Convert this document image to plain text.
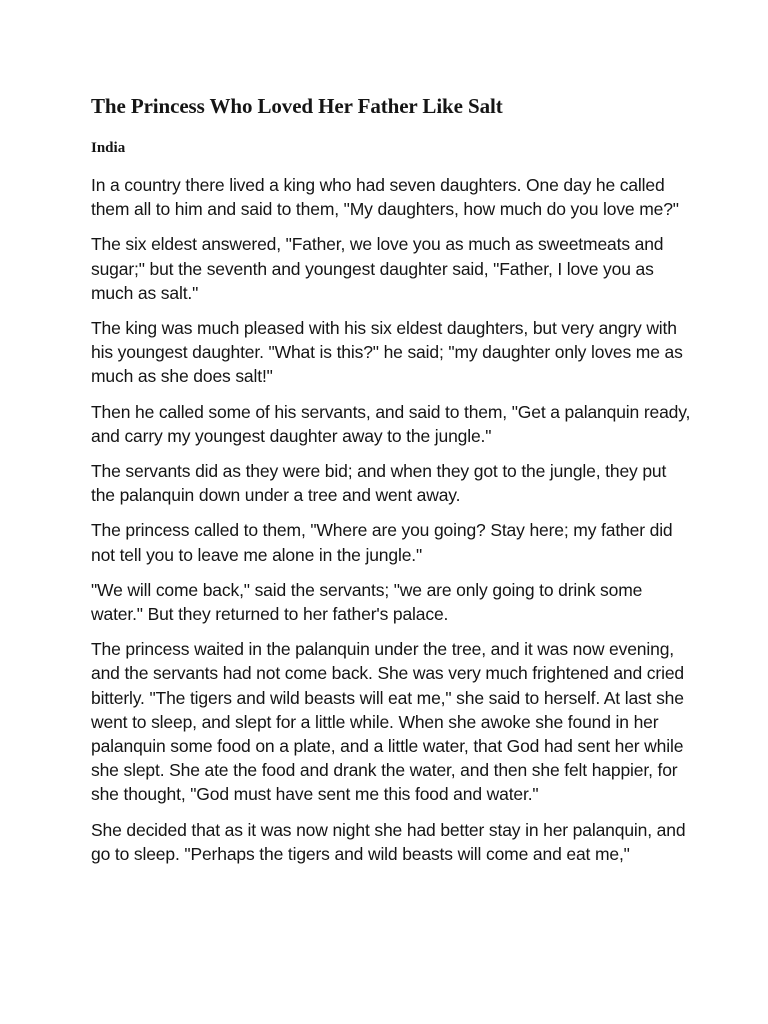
The Princess Who Loved Her Father Like Salt
India

In a country there lived a king who had seven daughters. One day he called them all to him and said to them, "My daughters, how much do you love me?"

The six eldest answered, "Father, we love you as much as sweetmeats and sugar;" but the seventh and youngest daughter said, "Father, I love you as much as salt."

The king was much pleased with his six eldest daughters, but very angry with his youngest daughter. "What is this?" he said; "my daughter only loves me as much as she does salt!"

Then he called some of his servants, and said to them, "Get a palanquin ready, and carry my youngest daughter away to the jungle."

The servants did as they were bid; and when they got to the jungle, they put the palanquin down under a tree and went away.

The princess called to them, "Where are you going? Stay here; my father did not tell you to leave me alone in the jungle."

"We will come back," said the servants; "we are only going to drink some water." But they returned to her father's palace.

The princess waited in the palanquin under the tree, and it was now evening, and the servants had not come back. She was very much frightened and cried bitterly. "The tigers and wild beasts will eat me," she said to herself. At last she went to sleep, and slept for a little while. When she awoke she found in her palanquin some food on a plate, and a little water, that God had sent her while she slept. She ate the food and drank the water, and then she felt happier, for she thought, "God must have sent me this food and water."

She decided that as it was now night she had better stay in her palanquin, and go to sleep. "Perhaps the tigers and wild beasts will come and eat me,"
